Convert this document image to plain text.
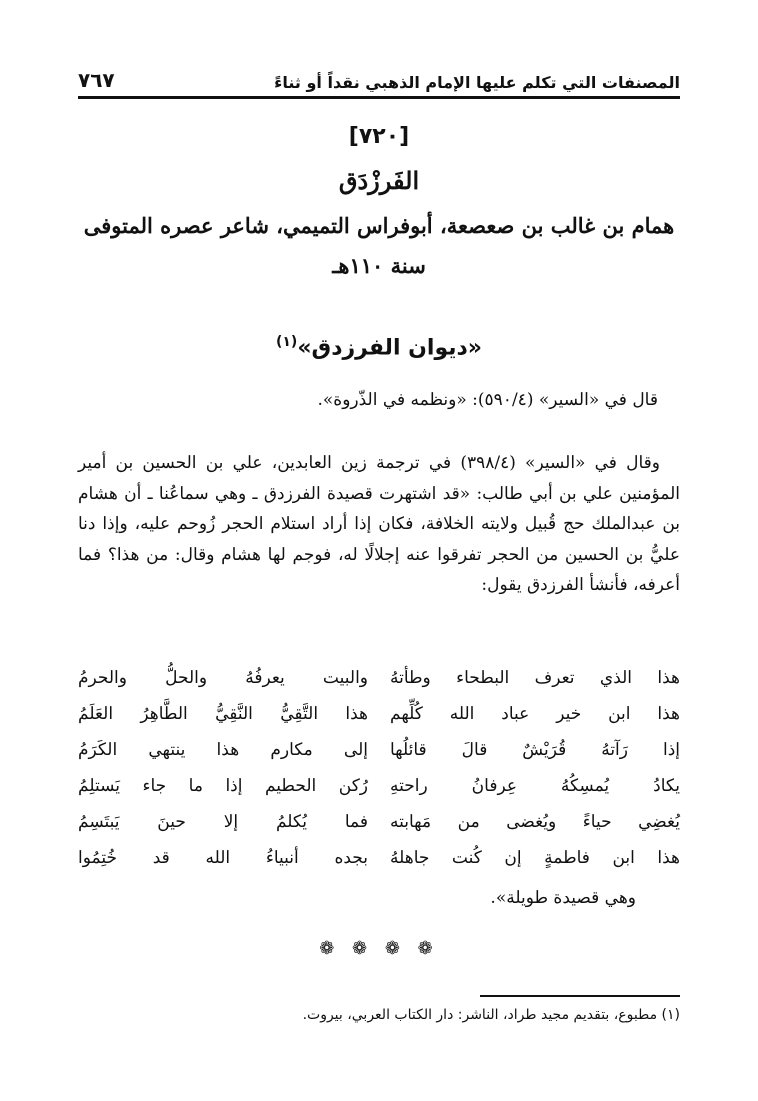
المصنفات التي تكلم عليها الإمام الذهبي نقداً أو ثناءً
٧٦٧
[٧٢٠]
الفَرزْدَق
همام بن غالب بن صعصعة، أبوفراس التميمي، شاعر عصره المتوفى سنة ١١٠هـ
«ديوان الفرزدق»$^{(١)}$
قال في «السير» (٥٩٠/٤): «ونظمه في الذّروة».
وقال في «السير» (٣٩٨/٤) في ترجمة زين العابدين، علي بن الحسين بن أمير المؤمنين علي بن أبي طالب: «قد اشتهرت قصيدة الفرزدق ـ وهي سماعُنا ـ أن هشام بن عبدالملك حج قُبيل ولايته الخلافة، فكان إذا أراد استلام الحجر زُوحم عليه، وإذا دنا عليُّ بن الحسين من الحجر تفرقوا عنه إجلالًا له، فوجم لها هشام وقال: من هذا؟ فما أعرفه، فأنشأ الفرزدق يقول:
هذا الذي تعرف البطحاء وطأتهُ
والبيت يعرفُهُ والحلُّ والحرمُ
هذا ابن خير عباد الله كُلِّهم
هذا التَّقِيُّ النَّقِيُّ الطَّاهِرُ العَلَمُ
إذا رَآتهُ قُرَيْشٌ قالَ قائلُها
إلى مكارم هذا ينتهي الكَرَمُ
يكادُ يُمسِكُهُ عِرفانُ راحتهِ
رُكن الحطيم إذا ما جاء يَستلِمُ
يُغضِي حياءً ويُغضى من مَهابته
فما يُكلمُ إلا حينَ يَبتَسِمُ
هذا ابن فاطمةٍ إن كُنت جاهلهُ
بجده أنبياءُ الله قد خُتِمُوا
وهي قصيدة طويلة».
❁ ❁ ❁ ❁
(١) مطبوع، بتقديم مجيد طراد، الناشر: دار الكتاب العربي، بيروت.
